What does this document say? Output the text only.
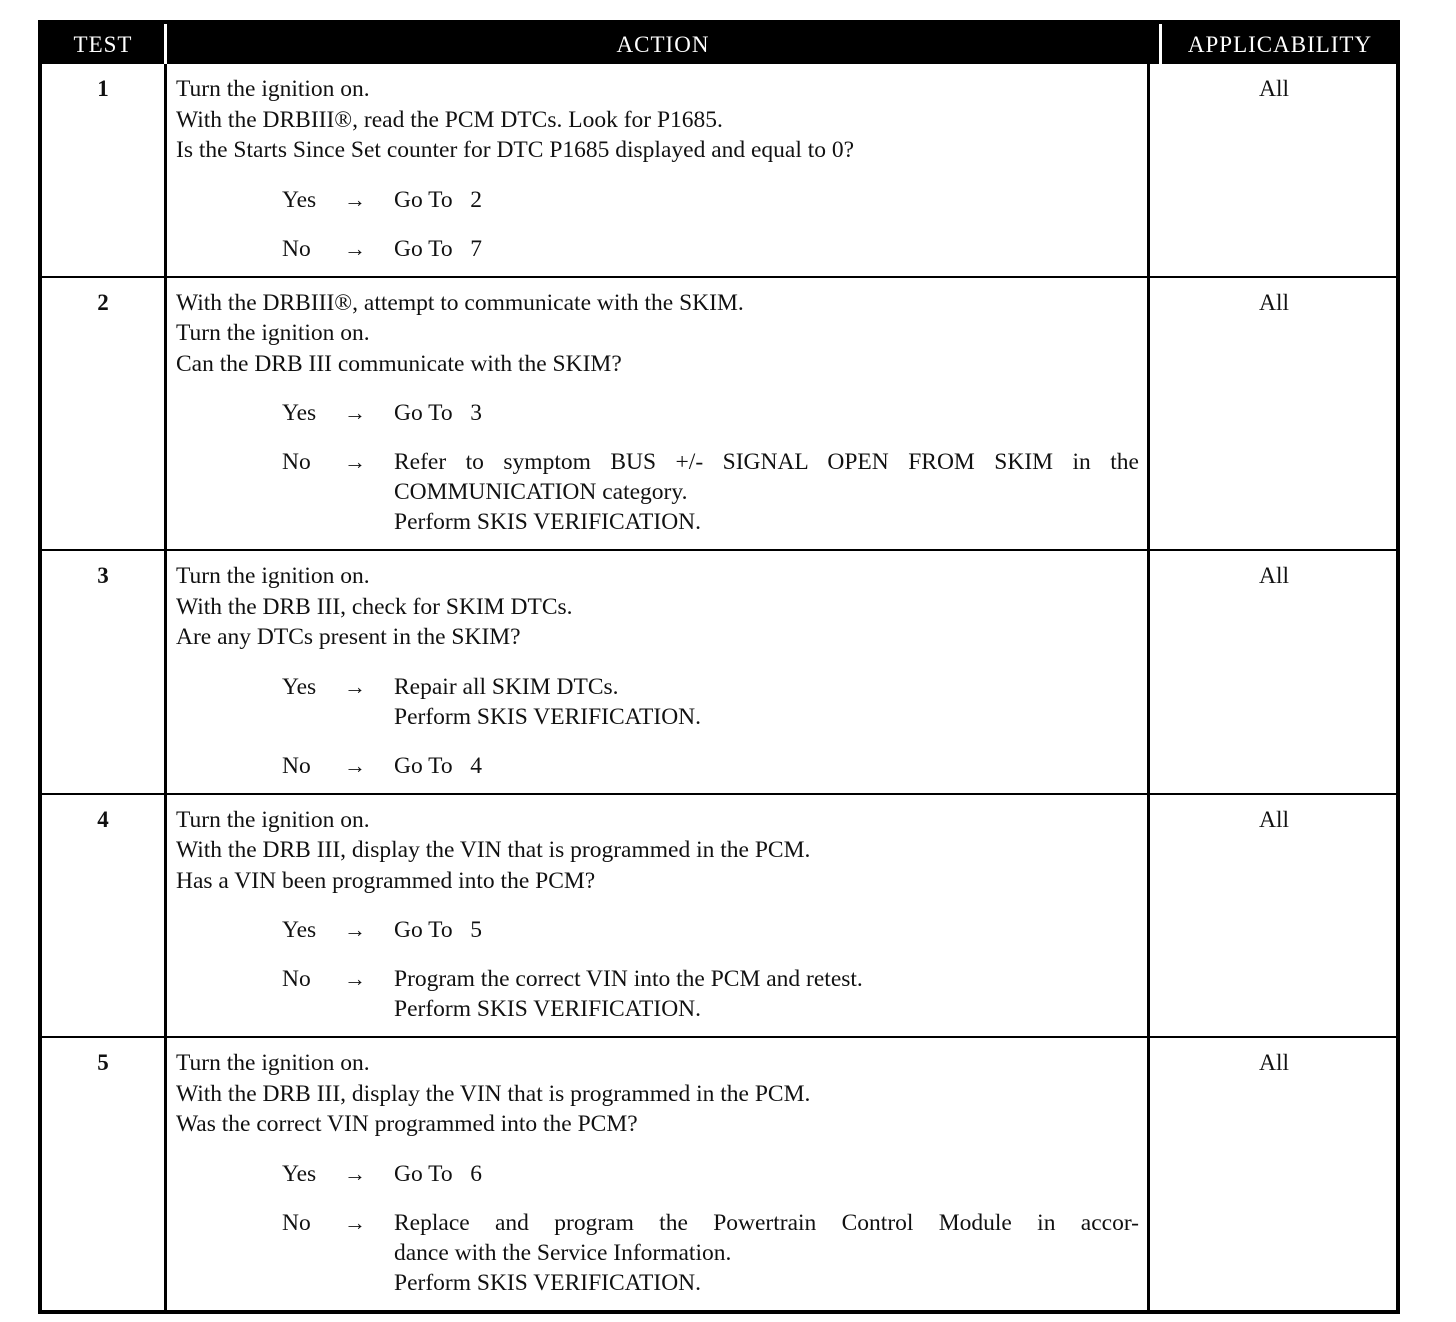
TEST	ACTION	APPLICABILITY
1	Turn the ignition on.
With the DRBIII®, read the PCM DTCs. Look for P1685.
Is the Starts Since Set counter for DTC P1685 displayed and equal to 0?
Yes	→	Go To   2
No	→	Go To   7
All
2	With the DRBIII®, attempt to communicate with the SKIM.
Turn the ignition on.
Can the DRB III communicate with the SKIM?
Yes	→	Go To   3
No	→	Refer to symptom BUS +/- SIGNAL OPEN FROM SKIM in the
COMMUNICATION category.
Perform SKIS VERIFICATION.
All
3	Turn the ignition on.
With the DRB III, check for SKIM DTCs.
Are any DTCs present in the SKIM?
Yes	→	Repair all SKIM DTCs.
Perform SKIS VERIFICATION.
No	→	Go To   4
All
4	Turn the ignition on.
With the DRB III, display the VIN that is programmed in the PCM.
Has a VIN been programmed into the PCM?
Yes	→	Go To   5
No	→	Program the correct VIN into the PCM and retest.
Perform SKIS VERIFICATION.
All
5	Turn the ignition on.
With the DRB III, display the VIN that is programmed in the PCM.
Was the correct VIN programmed into the PCM?
Yes	→	Go To   6
No	→	Replace and program the Powertrain Control Module in accor-
dance with the Service Information.
Perform SKIS VERIFICATION.
All
